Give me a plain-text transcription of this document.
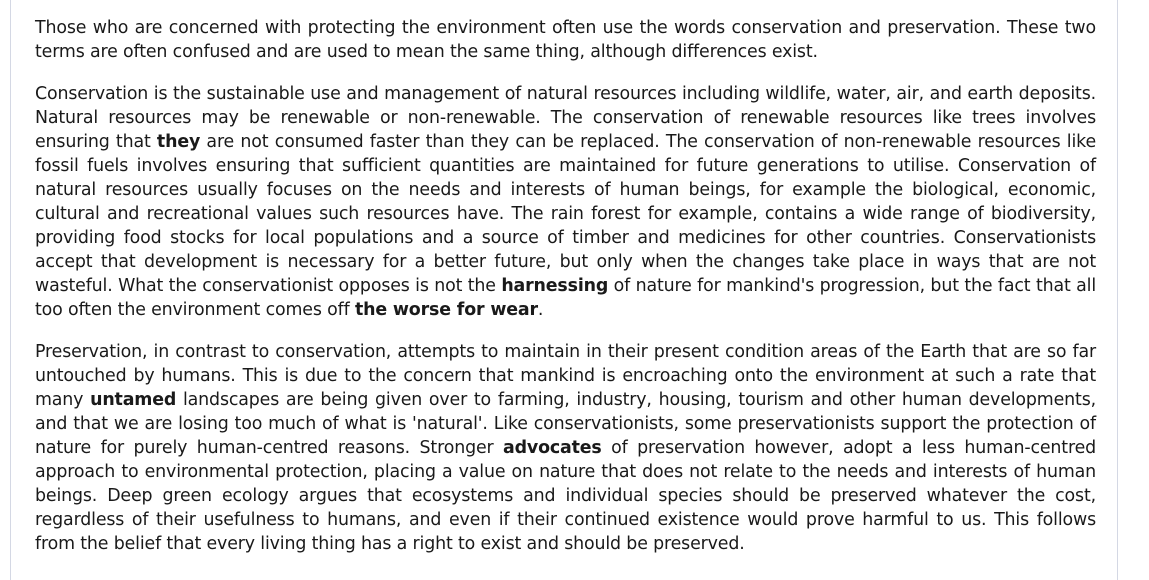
Those who are concerned with protecting the environment often use the words conservation and preservation. These two terms are often confused and are used to mean the same thing, although differences exist.

Conservation is the sustainable use and management of natural resources including wildlife, water, air, and earth deposits. Natural resources may be renewable or non-renewable. The conservation of renewable resources like trees involves ensuring that they are not consumed faster than they can be replaced. The conservation of non-renewable resources like fossil fuels involves ensuring that sufficient quantities are maintained for future generations to utilise. Conservation of natural resources usually focuses on the needs and interests of human beings, for example the biological, economic, cultural and recreational values such resources have. The rain forest for example, contains a wide range of biodiversity, providing food stocks for local populations and a source of timber and medicines for other countries. Conservationists accept that development is necessary for a better future, but only when the changes take place in ways that are not wasteful. What the conservationist opposes is not the harnessing of nature for mankind's progression, but the fact that all too often the environment comes off the worse for wear.

Preservation, in contrast to conservation, attempts to maintain in their present condition areas of the Earth that are so far untouched by humans. This is due to the concern that mankind is encroaching onto the environment at such a rate that many untamed landscapes are being given over to farming, industry, housing, tourism and other human developments, and that we are losing too much of what is 'natural'. Like conservationists, some preservationists support the protection of nature for purely human-centred reasons. Stronger advocates of preservation however, adopt a less human-centred approach to environmental protection, placing a value on nature that does not relate to the needs and interests of human beings. Deep green ecology argues that ecosystems and individual species should be preserved whatever the cost, regardless of their usefulness to humans, and even if their continued existence would prove harmful to us. This follows from the belief that every living thing has a right to exist and should be preserved.
